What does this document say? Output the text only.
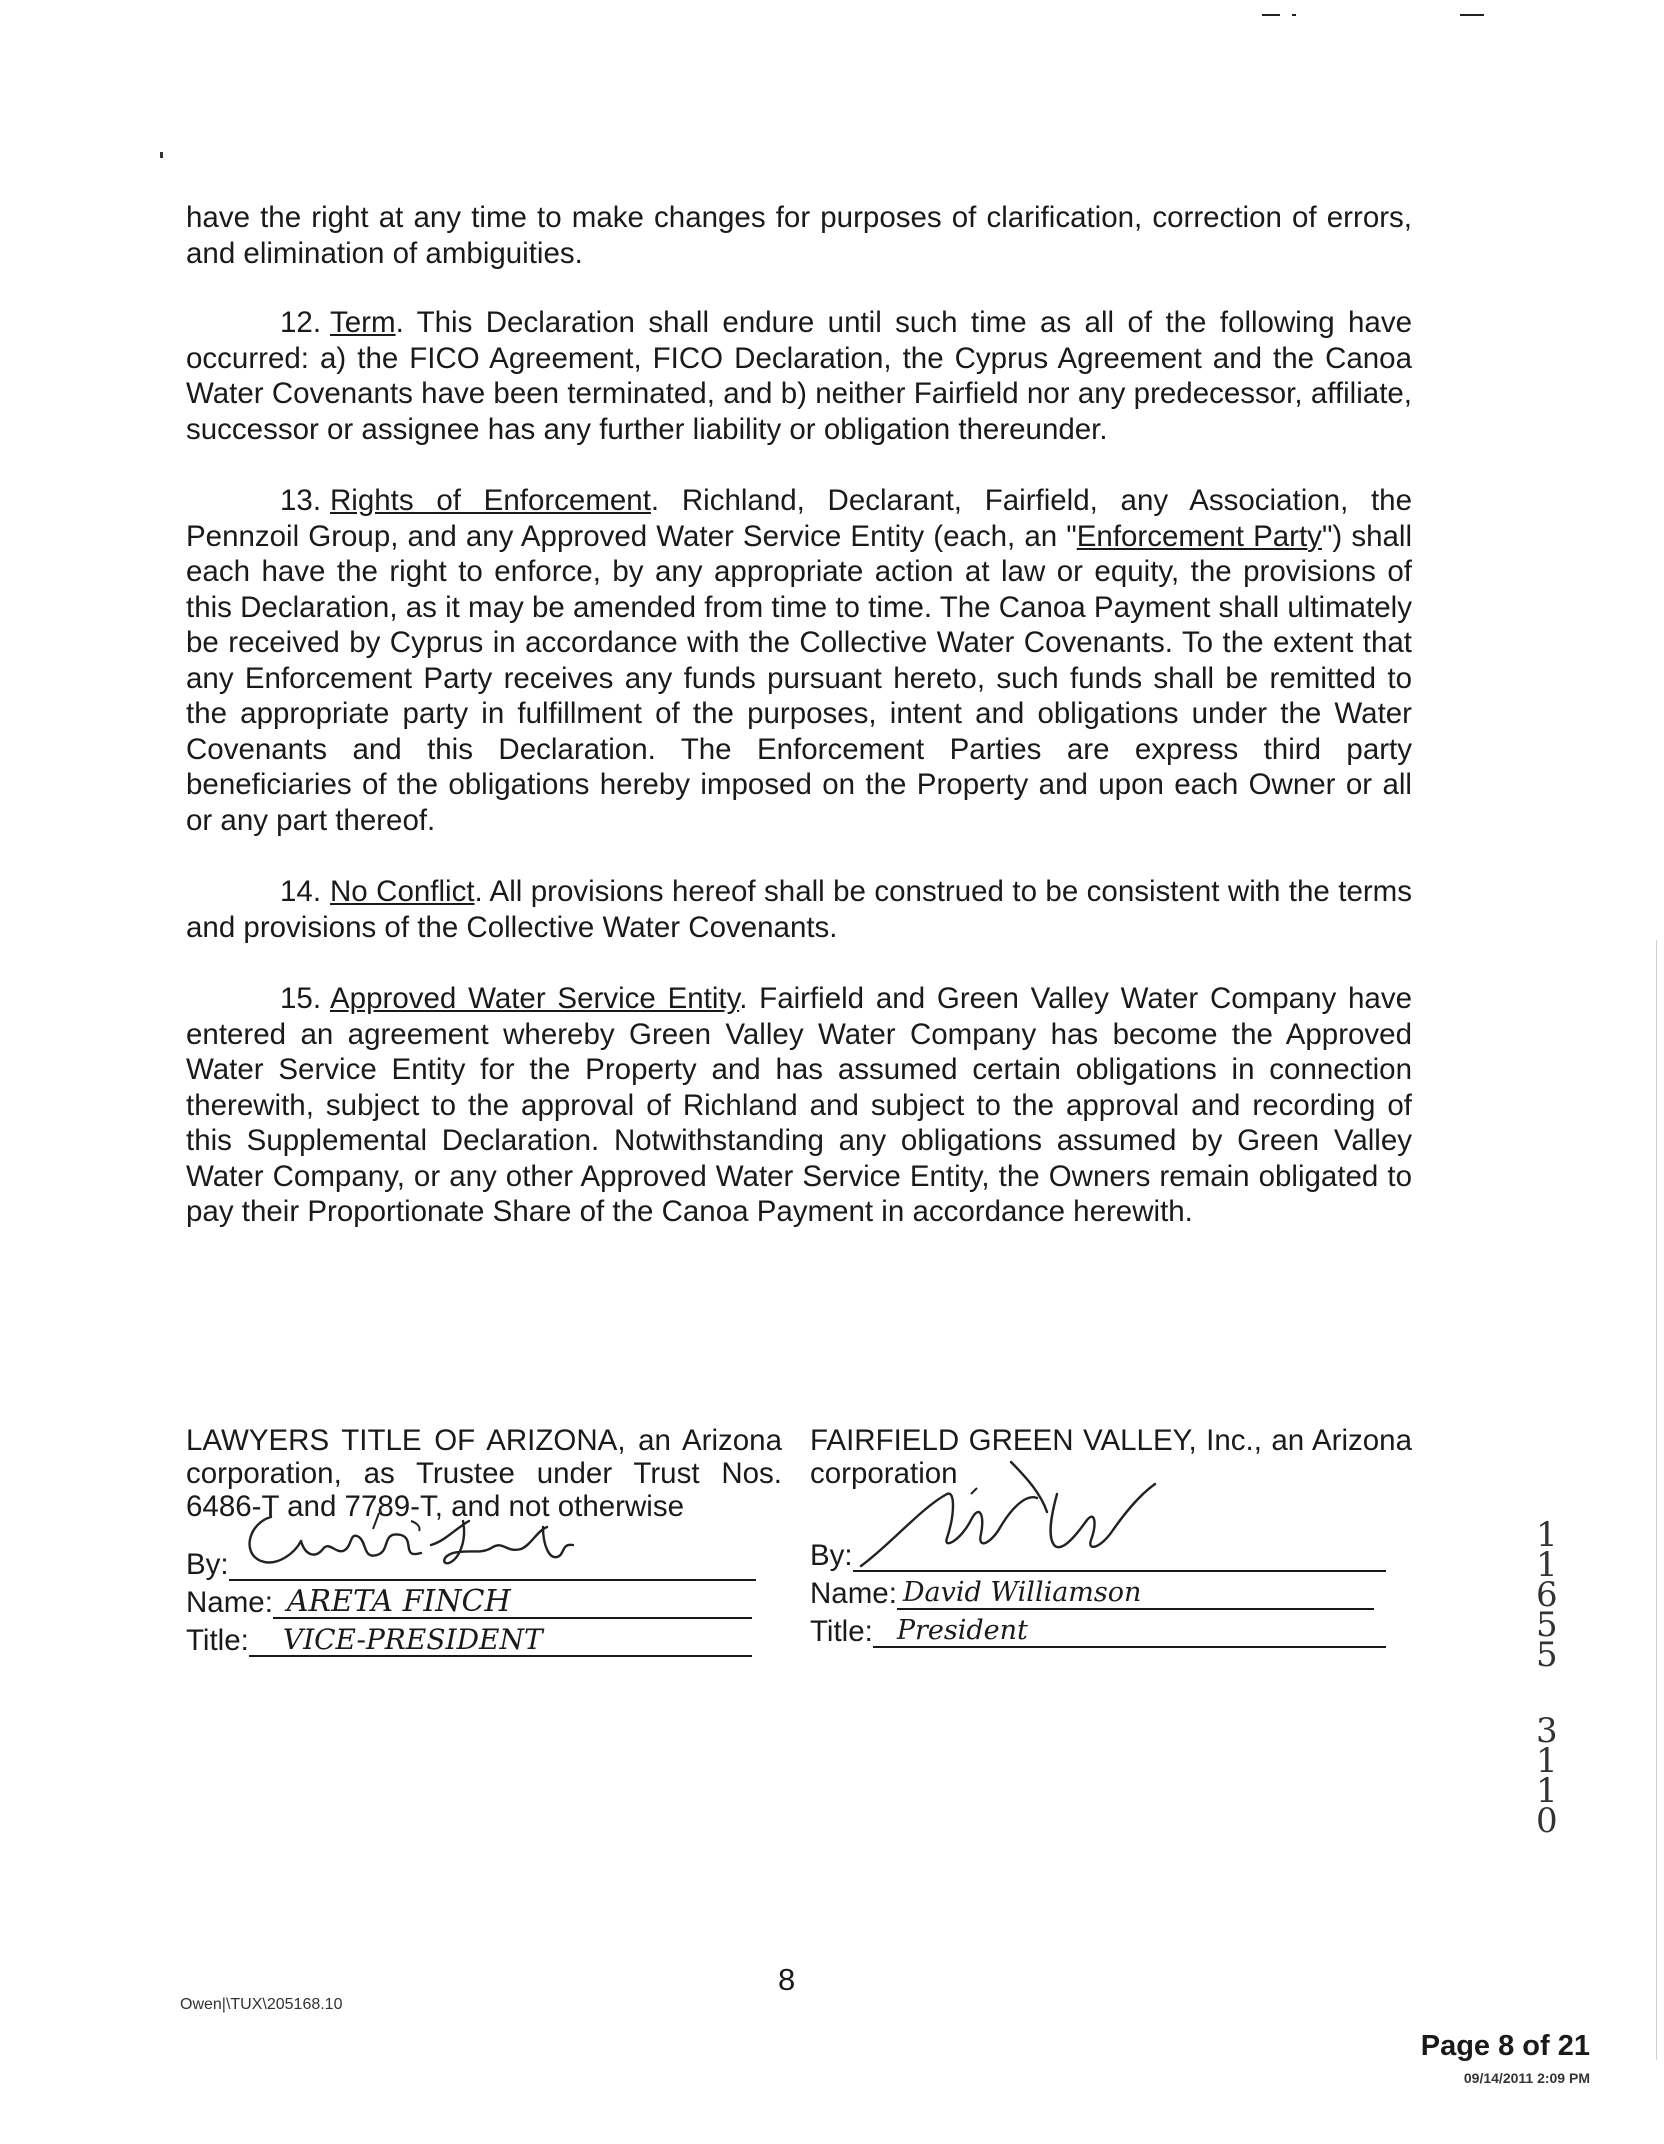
have the right at any time to make changes for purposes of clarification, correction of errors, and elimination of ambiguities.

12. Term. This Declaration shall endure until such time as all of the following have occurred: a) the FICO Agreement, FICO Declaration, the Cyprus Agreement and the Canoa Water Covenants have been terminated, and b) neither Fairfield nor any predecessor, affiliate, successor or assignee has any further liability or obligation thereunder.

13. Rights of Enforcement. Richland, Declarant, Fairfield, any Association, the Pennzoil Group, and any Approved Water Service Entity (each, an "Enforcement Party") shall each have the right to enforce, by any appropriate action at law or equity, the provisions of this Declaration, as it may be amended from time to time. The Canoa Payment shall ultimately be received by Cyprus in accordance with the Collective Water Covenants. To the extent that any Enforcement Party receives any funds pursuant hereto, such funds shall be remitted to the appropriate party in fulfillment of the purposes, intent and obligations under the Water Covenants and this Declaration. The Enforcement Parties are express third party beneficiaries of the obligations hereby imposed on the Property and upon each Owner or all or any part thereof.

14. No Conflict. All provisions hereof shall be construed to be consistent with the terms and provisions of the Collective Water Covenants.

15. Approved Water Service Entity. Fairfield and Green Valley Water Company have entered an agreement whereby Green Valley Water Company has become the Approved Water Service Entity for the Property and has assumed certain obligations in connection therewith, subject to the approval of Richland and subject to the approval and recording of this Supplemental Declaration. Notwithstanding any obligations assumed by Green Valley Water Company, or any other Approved Water Service Entity, the Owners remain obligated to pay their Proportionate Share of the Canoa Payment in accordance herewith.

LAWYERS TITLE OF ARIZONA, an Arizona corporation, as Trustee under Trust Nos. 6486-T and 7789-T, and not otherwise
By:
Name: ARETA FINCH
Title: VICE-PRESIDENT
FAIRFIELD GREEN VALLEY, Inc., an Arizona corporation
By:
Name: David Williamson
Title: President
1
1
6
5
5
3
1
1
0
8
Owen|\TUX\205168.10
Page 8 of 21
09/14/2011 2:09 PM
